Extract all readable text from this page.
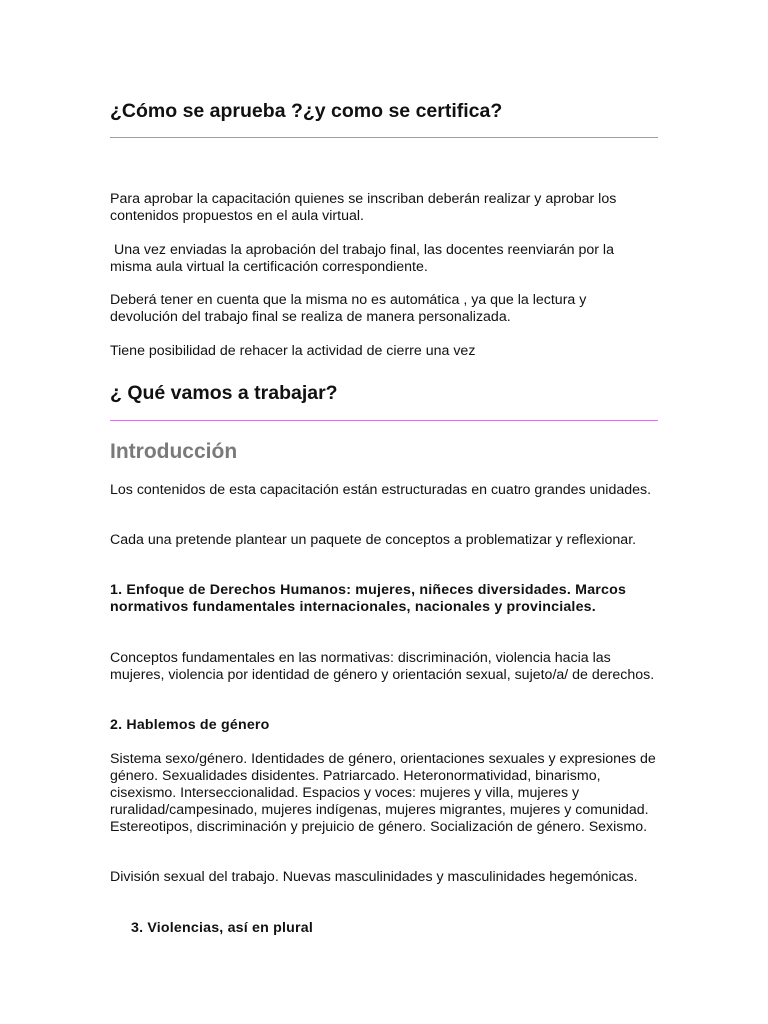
¿Cómo se aprueba ?¿y como se certifica?

Para aprobar la capacitación quienes se inscriban deberán realizar y aprobar los contenidos propuestos en el aula virtual.

Una vez enviadas la aprobación del trabajo final, las docentes reenviarán por la misma aula virtual la certificación correspondiente.

Deberá tener en cuenta que la misma no es automática , ya que la lectura y devolución del trabajo final se realiza de manera personalizada.

Tiene posibilidad de rehacer la actividad de cierre una vez

¿ Qué vamos a trabajar?
Introducción

Los contenidos de esta capacitación están estructuradas en cuatro grandes unidades.

Cada una pretende plantear un paquete de conceptos a problematizar y reflexionar.

1. Enfoque de Derechos Humanos: mujeres, niñeces diversidades. Marcos normativos fundamentales internacionales, nacionales y provinciales.

Conceptos fundamentales en las normativas: discriminación, violencia hacia las mujeres, violencia por identidad de género y orientación sexual, sujeto/a/ de derechos.

2. Hablemos de género

Sistema sexo/género. Identidades de género, orientaciones sexuales y expresiones de género. Sexualidades disidentes. Patriarcado. Heteronormatividad, binarismo, cisexismo. Interseccionalidad. Espacios y voces: mujeres y villa, mujeres y ruralidad/campesinado, mujeres indígenas, mujeres migrantes, mujeres y comunidad. Estereotipos, discriminación y prejuicio de género. Socialización de género. Sexismo.

División sexual del trabajo. Nuevas masculinidades y masculinidades hegemónicas.

3. Violencias, así en plural
